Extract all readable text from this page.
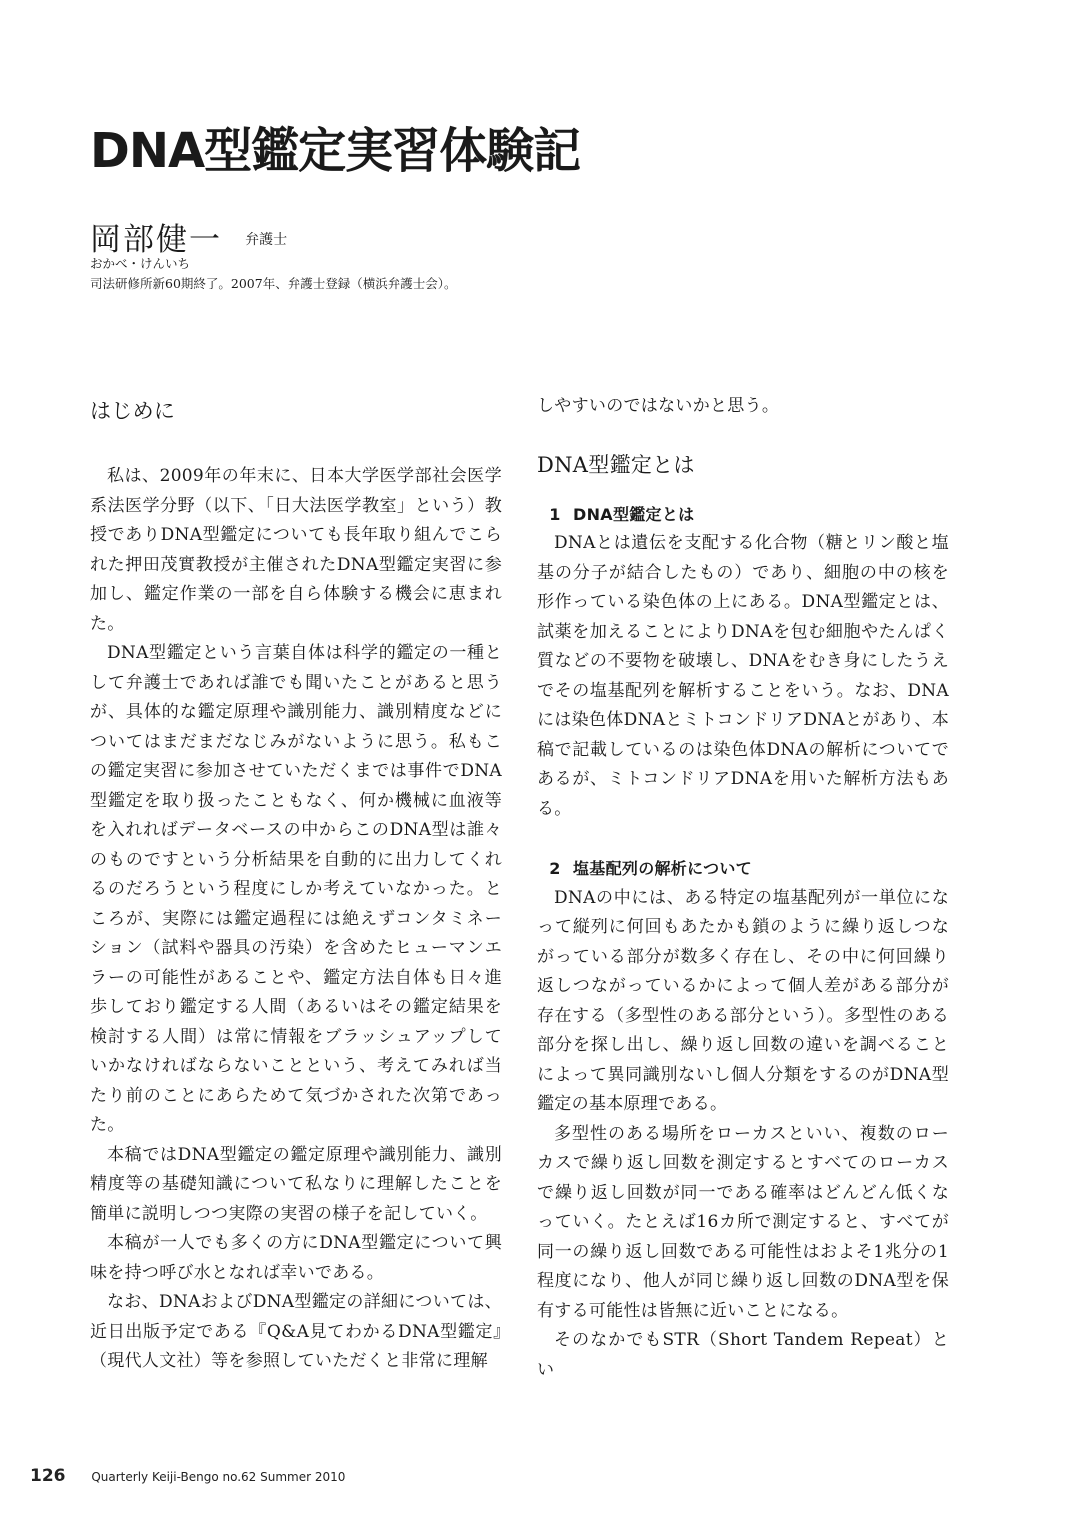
DNA型鑑定実習体験記
岡部健一 弁護士
おかべ・けんいち
司法研修所新60期終了。2007年、弁護士登録（横浜弁護士会）。
はじめに

私は、2009年の年末に、日本大学医学部社会医学系法医学分野（以下、「日大法医学教室」という）教授でありDNA型鑑定についても長年取り組んでこられた押田茂實教授が主催されたDNA型鑑定実習に参加し、鑑定作業の一部を自ら体験する機会に恵まれた。

DNA型鑑定という言葉自体は科学的鑑定の一種として弁護士であれば誰でも聞いたことがあると思うが、具体的な鑑定原理や識別能力、識別精度などについてはまだまだなじみがないように思う。私もこの鑑定実習に参加させていただくまでは事件でDNA型鑑定を取り扱ったこともなく、何か機械に血液等を入れればデータベースの中からこのDNA型は誰々のものですという分析結果を自動的に出力してくれるのだろうという程度にしか考えていなかった。ところが、実際には鑑定過程には絶えずコンタミネーション（試料や器具の汚染）を含めたヒューマンエラーの可能性があることや、鑑定方法自体も日々進歩しており鑑定する人間（あるいはその鑑定結果を検討する人間）は常に情報をブラッシュアップしていかなければならないことという、考えてみれば当たり前のことにあらためて気づかされた次第であった。

本稿ではDNA型鑑定の鑑定原理や識別能力、識別精度等の基礎知識について私なりに理解したことを簡単に説明しつつ実際の実習の様子を記していく。

本稿が一人でも多くの方にDNA型鑑定について興味を持つ呼び水となれば幸いである。

なお、DNAおよびDNA型鑑定の詳細については、近日出版予定である『Q&A見てわかるDNA型鑑定』（現代人文社）等を参照していただくと非常に理解

しやすいのではないかと思う。

DNA型鑑定とは
1 DNA型鑑定とは

DNAとは遺伝を支配する化合物（糖とリン酸と塩基の分子が結合したもの）であり、細胞の中の核を形作っている染色体の上にある。DNA型鑑定とは、試薬を加えることによりDNAを包む細胞やたんぱく質などの不要物を破壊し、DNAをむき身にしたうえでその塩基配列を解析することをいう。なお、DNAには染色体DNAとミトコンドリアDNAとがあり、本稿で記載しているのは染色体DNAの解析についてであるが、ミトコンドリアDNAを用いた解析方法もある。

2 塩基配列の解析について

DNAの中には、ある特定の塩基配列が一単位になって縦列に何回もあたかも鎖のように繰り返しつながっている部分が数多く存在し、その中に何回繰り返しつながっているかによって個人差がある部分が存在する（多型性のある部分という）。多型性のある部分を探し出し、繰り返し回数の違いを調べることによって異同識別ないし個人分類をするのがDNA型鑑定の基本原理である。

多型性のある場所をローカスといい、複数のローカスで繰り返し回数を測定するとすべてのローカスで繰り返し回数が同一である確率はどんどん低くなっていく。たとえば16カ所で測定すると、すべてが同一の繰り返し回数である可能性はおよそ1兆分の1程度になり、他人が同じ繰り返し回数のDNA型を保有する可能性は皆無に近いことになる。

そのなかでもSTR（Short Tandem Repeat）とい

126 Quarterly Keiji-Bengo no.62 Summer 2010
